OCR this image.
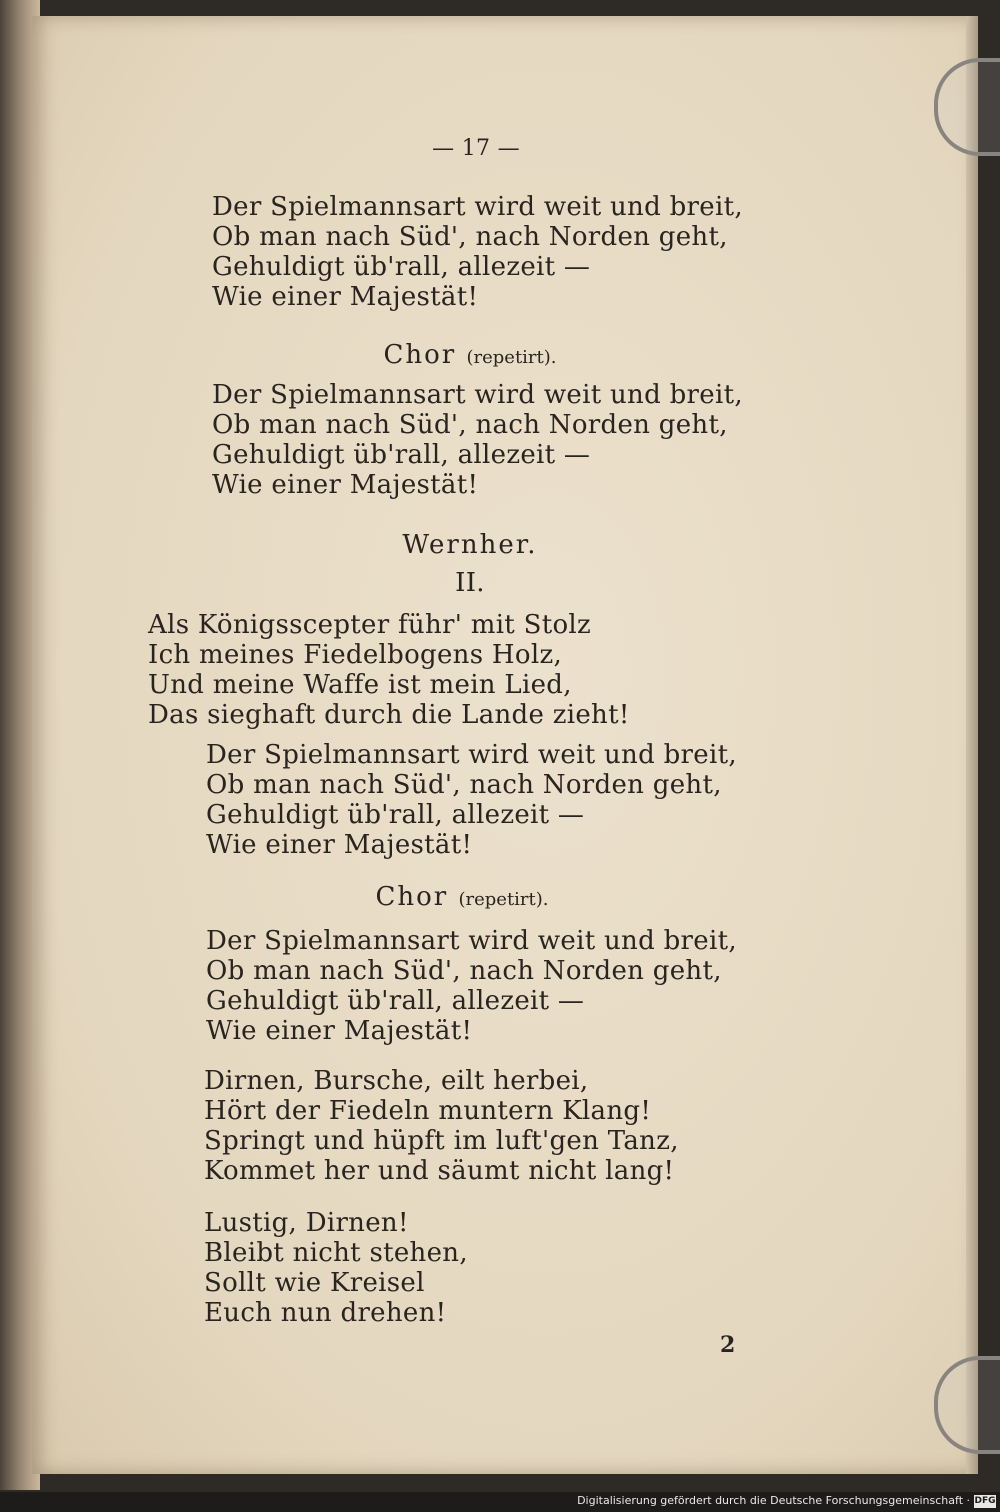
— 17 —
Der Spielmannsart wird weit und breit,
Ob man nach Süd', nach Norden geht,
Gehuldigt üb'rall, allezeit —
Wie einer Majestät!
Chor (repetirt).
Der Spielmannsart wird weit und breit,
Ob man nach Süd', nach Norden geht,
Gehuldigt üb'rall, allezeit —
Wie einer Majestät!
Wernher.
II.
Als Königsscepter führ' mit Stolz
Ich meines Fiedelbogens Holz,
Und meine Waffe ist mein Lied,
Das sieghaft durch die Lande zieht!
Der Spielmannsart wird weit und breit,
Ob man nach Süd', nach Norden geht,
Gehuldigt üb'rall, allezeit —
Wie einer Majestät!
Chor (repetirt).
Der Spielmannsart wird weit und breit,
Ob man nach Süd', nach Norden geht,
Gehuldigt üb'rall, allezeit —
Wie einer Majestät!
Dirnen, Bursche, eilt herbei,
Hört der Fiedeln muntern Klang!
Springt und hüpft im luft'gen Tanz,
Kommet her und säumt nicht lang!
Lustig, Dirnen!
Bleibt nicht stehen,
Sollt wie Kreisel
Euch nun drehen!
2
Digitalisierung gefördert durch die Deutsche Forschungsgemeinschaft · DFG
